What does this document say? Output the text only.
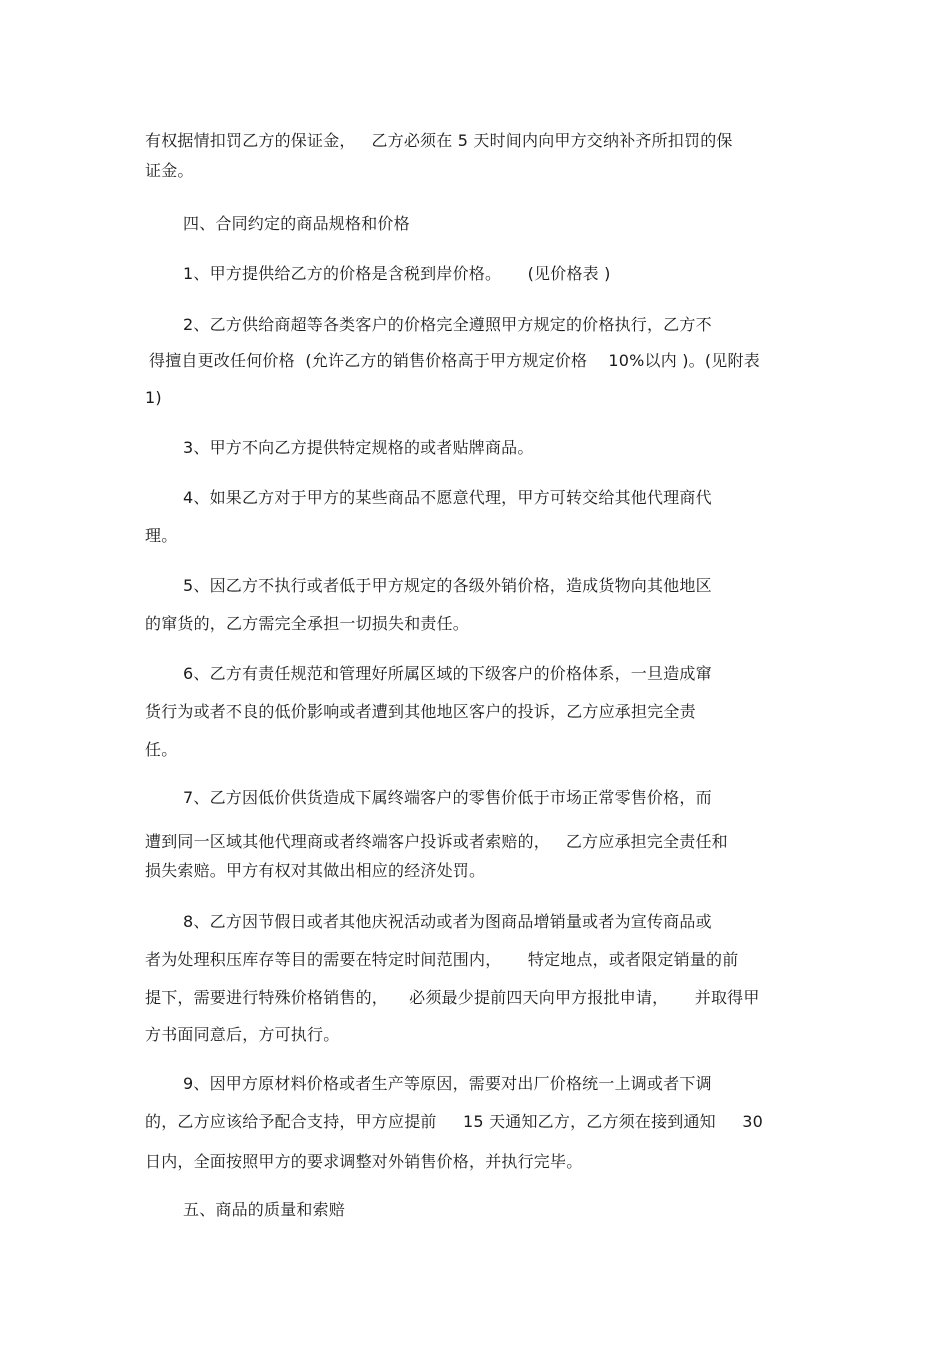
有权据情扣罚乙方的保证金，   乙方必须在 5 天时间内向甲方交纳补齐所扣罚的保
证金。
四、合同约定的商品规格和价格
1、甲方提供给乙方的价格是含税到岸价格。     (见价格表 )
2、乙方供给商超等各类客户的价格完全遵照甲方规定的价格执行，乙方不
得擅自更改任何价格  (允许乙方的销售价格高于甲方规定价格    10%以内 )。(见附表
1)
3、甲方不向乙方提供特定规格的或者贴牌商品。
4、如果乙方对于甲方的某些商品不愿意代理，甲方可转交给其他代理商代
理。
5、因乙方不执行或者低于甲方规定的各级外销价格，造成货物向其他地区
的窜货的，乙方需完全承担一切损失和责任。
6、乙方有责任规范和管理好所属区域的下级客户的价格体系，一旦造成窜
货行为或者不良的低价影响或者遭到其他地区客户的投诉，乙方应承担完全责
任。
7、乙方因低价供货造成下属终端客户的零售价低于市场正常零售价格，而
遭到同一区域其他代理商或者终端客户投诉或者索赔的，   乙方应承担完全责任和
损失索赔。甲方有权对其做出相应的经济处罚。
8、乙方因节假日或者其他庆祝活动或者为图商品增销量或者为宣传商品或
者为处理积压库存等目的需要在特定时间范围内，     特定地点，或者限定销量的前
提下，需要进行特殊价格销售的，    必须最少提前四天向甲方报批申请，     并取得甲
方书面同意后，方可执行。
9、因甲方原材料价格或者生产等原因，需要对出厂价格统一上调或者下调
的，乙方应该给予配合支持，甲方应提前     15 天通知乙方，乙方须在接到通知     30
日内，全面按照甲方的要求调整对外销售价格，并执行完毕。
五、商品的质量和索赔
